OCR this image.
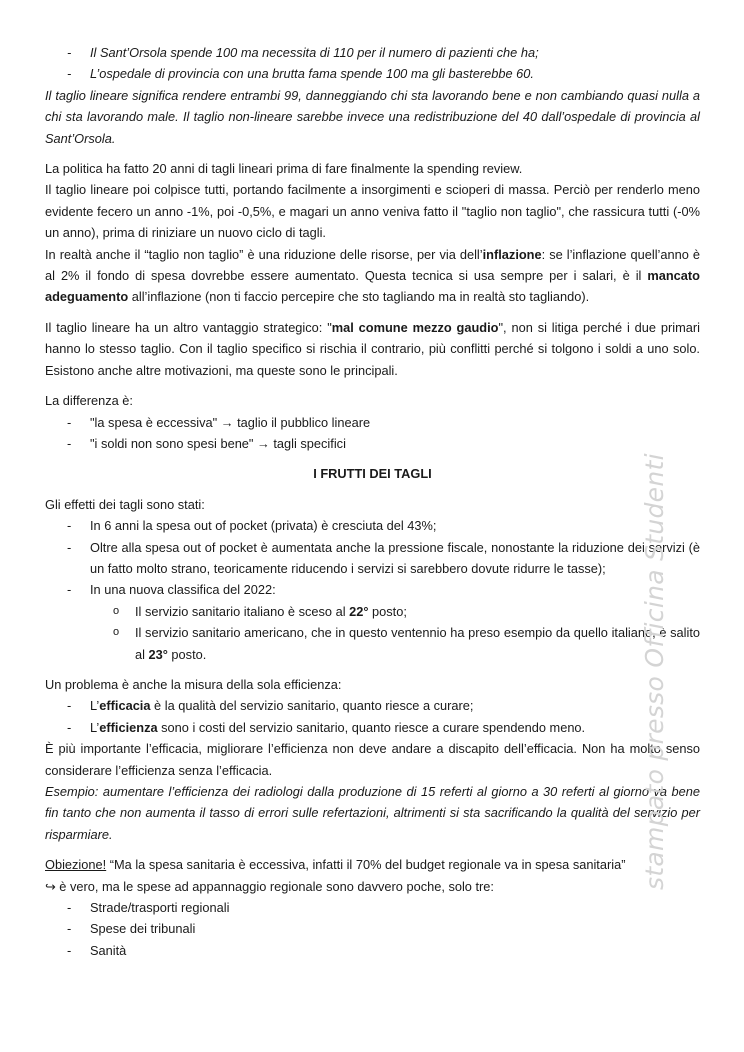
- Il Sant’Orsola spende 100 ma necessita di 110 per il numero di pazienti che ha;
- L’ospedale di provincia con una brutta fama spende 100 ma gli basterebbe 60.

Il taglio lineare significa rendere entrambi 99, danneggiando chi sta lavorando bene e non cambiando quasi nulla a chi sta lavorando male. Il taglio non-lineare sarebbe invece una redistribuzione del 40 dall’ospedale di provincia al Sant’Orsola.

La politica ha fatto 20 anni di tagli lineari prima di fare finalmente la spending review.

Il taglio lineare poi colpisce tutti, portando facilmente a insorgimenti e scioperi di massa. Perciò per renderlo meno evidente fecero un anno -1%, poi -0,5%, e magari un anno veniva fatto il "taglio non taglio", che rassicura tutti (-0% un anno), prima di riniziare un nuovo ciclo di tagli.

In realtà anche il “taglio non taglio” è una riduzione delle risorse, per via dell’inflazione: se l’inflazione quell’anno è al 2% il fondo di spesa dovrebbe essere aumentato. Questa tecnica si usa sempre per i salari, è il mancato adeguamento all’inflazione (non ti faccio percepire che sto tagliando ma in realtà sto tagliando).

Il taglio lineare ha un altro vantaggio strategico: "mal comune mezzo gaudio", non si litiga perché i due primari hanno lo stesso taglio. Con il taglio specifico si rischia il contrario, più conflitti perché si tolgono i soldi a uno solo. Esistono anche altre motivazioni, ma queste sono le principali.

La differenza è:

- "la spesa è eccessiva" → taglio il pubblico lineare
- "i soldi non sono spesi bene" → tagli specifici

I FRUTTI DEI TAGLI

Gli effetti dei tagli sono stati:

- In 6 anni la spesa out of pocket (privata) è cresciuta del 43%;
- Oltre alla spesa out of pocket è aumentata anche la pressione fiscale, nonostante la riduzione dei servizi (è un fatto molto strano, teoricamente riducendo i servizi si sarebbero dovute ridurre le tasse);
- In una nuova classifica del 2022:
o Il servizio sanitario italiano è sceso al 22° posto;
o Il servizio sanitario americano, che in questo ventennio ha preso esempio da quello italiano, è salito al 23° posto.

Un problema è anche la misura della sola efficienza:

- L’efficacia è la qualità del servizio sanitario, quanto riesce a curare;
- L’efficienza sono i costi del servizio sanitario, quanto riesce a curare spendendo meno.

È più importante l’efficacia, migliorare l’efficienza non deve andare a discapito dell’efficacia. Non ha molto senso considerare l’efficienza senza l’efficacia.

Esempio: aumentare l’efficienza dei radiologi dalla produzione di 15 referti al giorno a 30 referti al giorno va bene fin tanto che non aumenta il tasso di errori sulle refertazioni, altrimenti si sta sacrificando la qualità del servizio per risparmiare.

Obiezione! “Ma la spesa sanitaria è eccessiva, infatti il 70% del budget regionale va in spesa sanitaria”

↪ è vero, ma le spese ad appannaggio regionale sono davvero poche, solo tre:

- Strade/trasporti regionali
- Spese dei tribunali
- Sanità
stampato presso Officina Studenti
